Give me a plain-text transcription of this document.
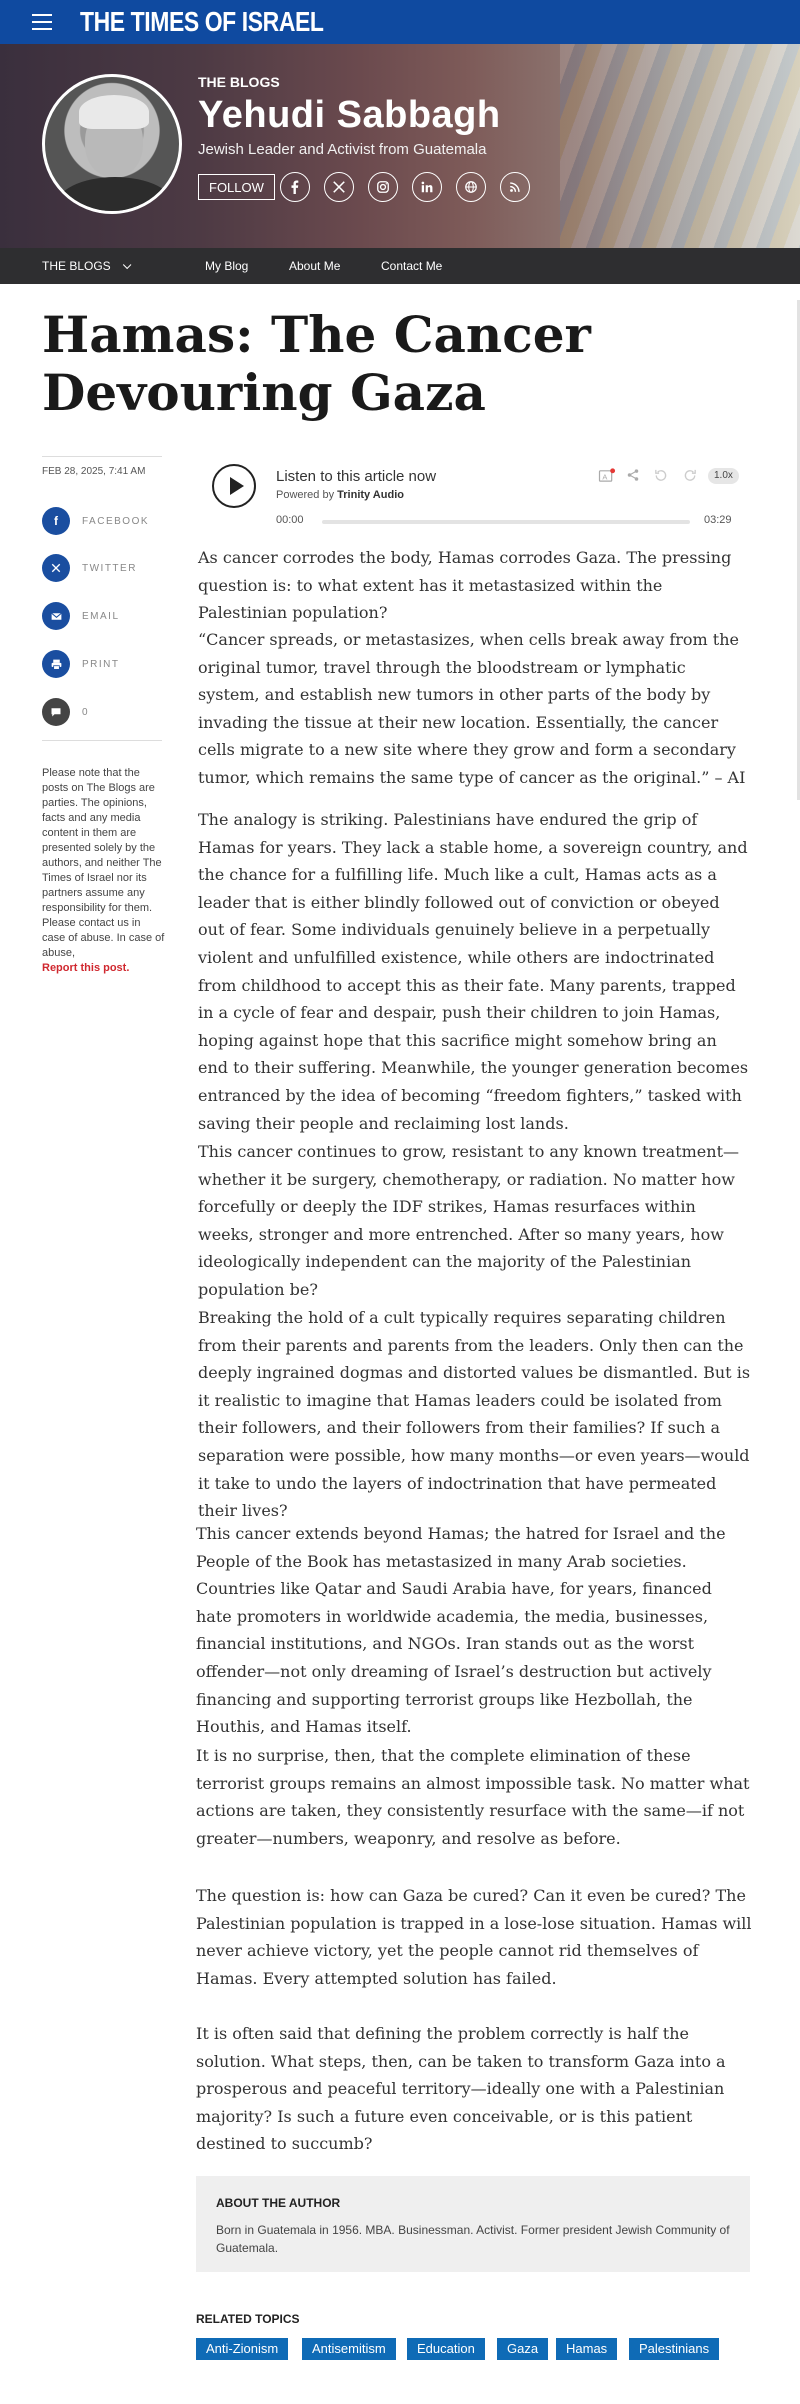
THE TIMES OF ISRAEL
THE BLOGS
Yehudi Sabbagh
Jewish Leader and Activist from Guatemala
FOLLOW
THE BLOGS	My Blog	About Me	Contact Me
Hamas: The Cancer Devouring Gaza
FEB 28, 2025, 7:41 AM
f	FACEBOOK
TWITTER
EMAIL
PRINT
0
Please note that the posts on The Blogs are parties. The opinions, facts and any media content in them are presented solely by the authors, and neither The Times of Israel nor its partners assume any responsibility for them. Please contact us in case of abuse. In case of abuse,
Report this post.
Listen to this article now
Powered by Trinity Audio
A	1.0x
00:00	03:29

As cancer corrodes the body, Hamas corrodes Gaza. The pressing question is: to what extent has it metastasized within the Palestinian population?

“Cancer spreads, or metastasizes, when cells break away from the original tumor, travel through the bloodstream or lymphatic system, and establish new tumors in other parts of the body by invading the tissue at their new location. Essentially, the cancer cells migrate to a new site where they grow and form a secondary tumor, which remains the same type of cancer as the original.” – AI

The analogy is striking. Palestinians have endured the grip of Hamas for years. They lack a stable home, a sovereign country, and the chance for a fulfilling life. Much like a cult, Hamas acts as a leader that is either blindly followed out of conviction or obeyed out of fear. Some individuals genuinely believe in a perpetually violent and unfulfilled existence, while others are indoctrinated from childhood to accept this as their fate. Many parents, trapped in a cycle of fear and despair, push their children to join Hamas, hoping against hope that this sacrifice might somehow bring an end to their suffering. Meanwhile, the younger generation becomes entranced by the idea of becoming “freedom fighters,” tasked with saving their people and reclaiming lost lands.

This cancer continues to grow, resistant to any known treatment—whether it be surgery, chemotherapy, or radiation. No matter how forcefully or deeply the IDF strikes, Hamas resurfaces within weeks, stronger and more entrenched. After so many years, how ideologically independent can the majority of the Palestinian population be?

Breaking the hold of a cult typically requires separating children from their parents and parents from the leaders. Only then can the deeply ingrained dogmas and distorted values be dismantled. But is it realistic to imagine that Hamas leaders could be isolated from their followers, and their followers from their families? If such a separation were possible, how many months—or even years—would it take to undo the layers of indoctrination that have permeated their lives?

This cancer extends beyond Hamas; the hatred for Israel and the People of the Book has metastasized in many Arab societies. Countries like Qatar and Saudi Arabia have, for years, financed hate promoters in worldwide academia, the media, businesses, financial institutions, and NGOs. Iran stands out as the worst offender—not only dreaming of Israel’s destruction but actively financing and supporting terrorist groups like Hezbollah, the Houthis, and Hamas itself.

It is no surprise, then, that the complete elimination of these terrorist groups remains an almost impossible task. No matter what actions are taken, they consistently resurface with the same—if not greater—numbers, weaponry, and resolve as before.

The question is: how can Gaza be cured? Can it even be cured? The Palestinian population is trapped in a lose-lose situation. Hamas will never achieve victory, yet the people cannot rid themselves of Hamas. Every attempted solution has failed.

It is often said that defining the problem correctly is half the solution. What steps, then, can be taken to transform Gaza into a prosperous and peaceful territory—ideally one with a Palestinian majority? Is such a future even conceivable, or is this patient destined to succumb?

ABOUT THE AUTHOR
Born in Guatemala in 1956. MBA. Businessman. Activist. Former president Jewish Community of Guatemala.
RELATED TOPICS
Anti-Zionism	Antisemitism	Education	Gaza	Hamas	Palestinians
